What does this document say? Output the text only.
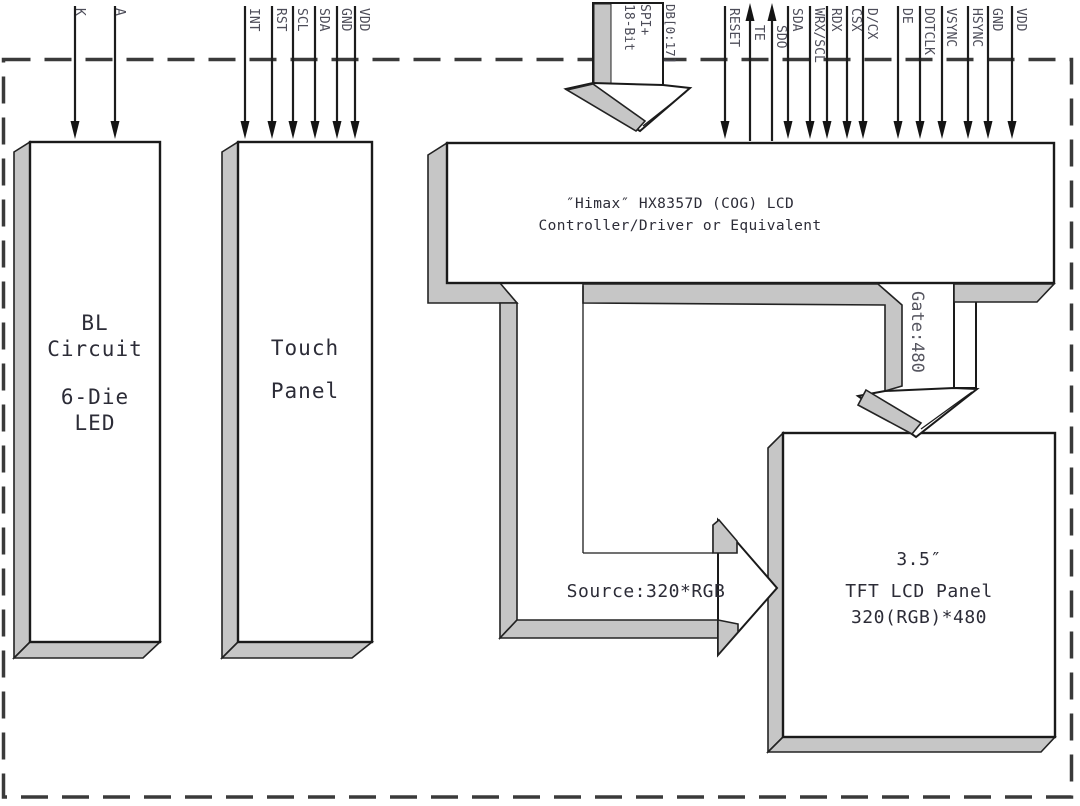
BL
Circuit
6-Die
LED
Touch
Panel
″Himax″ HX8357D (COG) LCD
Controller/Driver or Equivalent
3.5″
TFT LCD Panel
320(RGB)*480
Source:320*RGB
Gate:480
SPI+
18-Bit DB[0:17]
K A	INT RST SCL SDA GND VDD	RESET TE SDO
SDA WRX/SCL RDX CSX D/CX DE DOTCLK VSYNC HSYNC GND VDD
